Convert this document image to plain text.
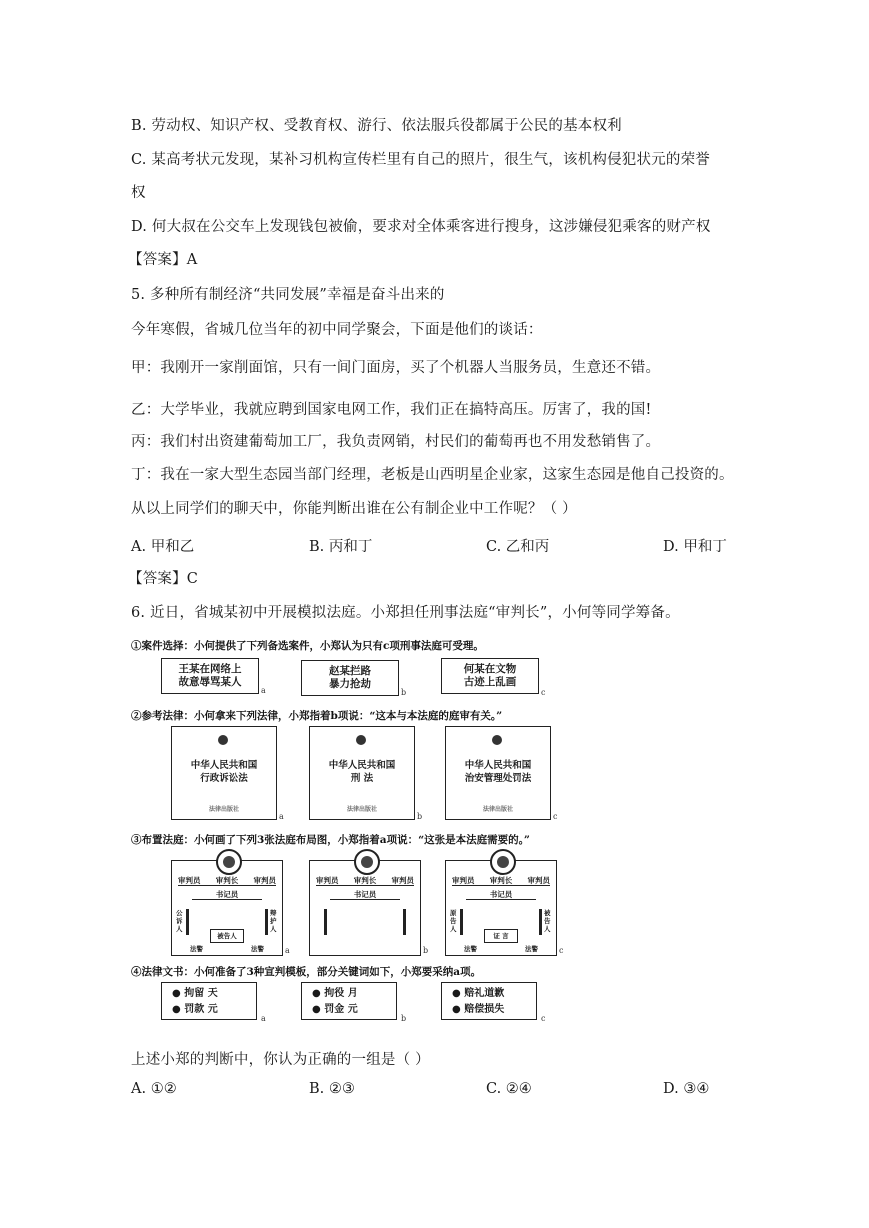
B. 劳动权、知识产权、受教育权、游行、依法服兵役都属于公民的基本权利
C. 某高考状元发现，某补习机构宣传栏里有自己的照片，很生气，该机构侵犯状元的荣誉
权
D. 何大叔在公交车上发现钱包被偷，要求对全体乘客进行搜身，这涉嫌侵犯乘客的财产权
【答案】A
5. 多种所有制经济“共同发展”幸福是奋斗出来的
今年寒假，省城几位当年的初中同学聚会，下面是他们的谈话：
甲：我刚开一家削面馆，只有一间门面房，买了个机器人当服务员，生意还不错。
乙：大学毕业，我就应聘到国家电网工作，我们正在搞特高压。厉害了，我的国!
丙：我们村出资建葡萄加工厂，我负责网销，村民们的葡萄再也不用发愁销售了。
丁：我在一家大型生态园当部门经理，老板是山西明星企业家，这家生态园是他自己投资的。
从以上同学们的聊天中，你能判断出谁在公有制企业中工作呢？（ ）
A. 甲和乙	B. 丙和丁	C. 乙和丙	D. 甲和丁
【答案】C
6. 近日，省城某初中开展模拟法庭。小郑担任刑事法庭“审判长”，小何等同学筹备。
①案件选择：小何提供了下列备选案件，小郑认为只有c项刑事法庭可受理。
王某在网络上
故意辱骂某人
a
赵某拦路
暴力抢劫
b
何某在文物
古迹上乱画
c
②参考法律：小何拿来下列法律，小郑指着b项说：“这本与本法庭的庭审有关。”
中华人民共和国
行政诉讼法
法律出版社
a
中华人民共和国
刑 法
法律出版社
b
中华人民共和国
治安管理处罚法
法律出版社
c
③布置法庭：小何画了下列3张法庭布局图，小郑指着a项说：“这张是本法庭需要的。”
审判员 审判长 审判员
书记员
公诉人
辩护人
被告人
法警	法警	a
审判员 审判长 审判员
书记员
b
审判员 审判长 审判员
书记员
原告人
被告人
证 言
法警	法警	c
④法律文书：小何准备了3种宣判模板，部分关键词如下，小郑要采纳a项。
● 拘留 天
● 罚款 元
a
● 拘役 月
● 罚金 元
b
● 赔礼道歉
● 赔偿损失
c
上述小郑的判断中，你认为正确的一组是（ ）
A. ①②	B. ②③	C. ②④	D. ③④
